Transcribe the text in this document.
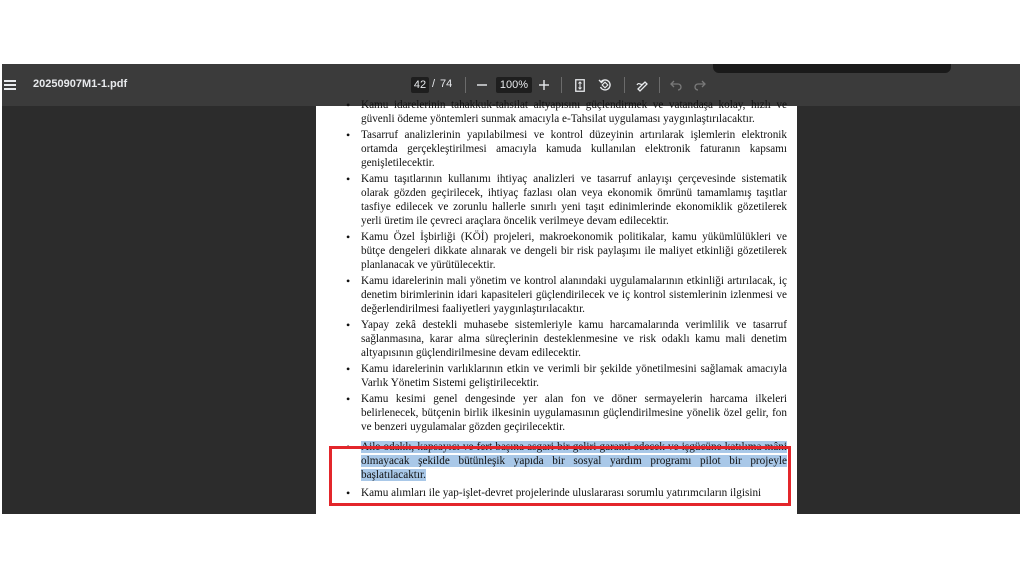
20250907M1-1.pdf	42 / 74	100%
• Kamu idarelerinin tahakkuk-tahsilat altyapısını güçlendirmek ve vatandaşa kolay, hızlı ve güvenli ödeme yöntemleri sunmak amacıyla e-Tahsilat uygulaması yaygınlaştırılacaktır.
• Tasarruf analizlerinin yapılabilmesi ve kontrol düzeyinin artırılarak işlemlerin elektronik ortamda gerçekleştirilmesi amacıyla kamuda kullanılan elektronik faturanın kapsamı genişletilecektir.
• Kamu taşıtlarının kullanımı ihtiyaç analizleri ve tasarruf anlayışı çerçevesinde sistematik olarak gözden geçirilecek, ihtiyaç fazlası olan veya ekonomik ömrünü tamamlamış taşıtlar tasfiye edilecek ve zorunlu hallerle sınırlı yeni taşıt edinimlerinde ekonomiklik gözetilerek yerli üretim ile çevreci araçlara öncelik verilmeye devam edilecektir.
• Kamu Özel İşbirliği (KÖİ) projeleri, makroekonomik politikalar, kamu yükümlülükleri ve bütçe dengeleri dikkate alınarak ve dengeli bir risk paylaşımı ile maliyet etkinliği gözetilerek planlanacak ve yürütülecektir.
• Kamu idarelerinin mali yönetim ve kontrol alanındaki uygulamalarının etkinliği artırılacak, iç denetim birimlerinin idari kapasiteleri güçlendirilecek ve iç kontrol sistemlerinin izlenmesi ve değerlendirilmesi faaliyetleri yaygınlaştırılacaktır.
• Yapay zekâ destekli muhasebe sistemleriyle kamu harcamalarında verimlilik ve tasarruf sağlanmasına, karar alma süreçlerinin desteklenmesine ve risk odaklı kamu mali denetim altyapısının güçlendirilmesine devam edilecektir.
• Kamu idarelerinin varlıklarının etkin ve verimli bir şekilde yönetilmesini sağlamak amacıyla Varlık Yönetim Sistemi geliştirilecektir.
• Kamu kesimi genel dengesinde yer alan fon ve döner sermayelerin harcama ilkeleri belirlenecek, bütçenin birlik ilkesinin uygulamasının güçlendirilmesine yönelik özel gelir, fon ve benzeri uygulamalar gözden geçirilecektir.
• Aile odaklı, kapsayıcı ve fert başına asgari bir geliri garanti edecek ve işgücüne katılıma mâni olmayacak şekilde bütünleşik yapıda bir sosyal yardım programı pilot bir projeyle başlatılacaktır.
• Kamu alımları ile yap-işlet-devret projelerinde uluslararası sorumlu yatırımcıların ilgisini
